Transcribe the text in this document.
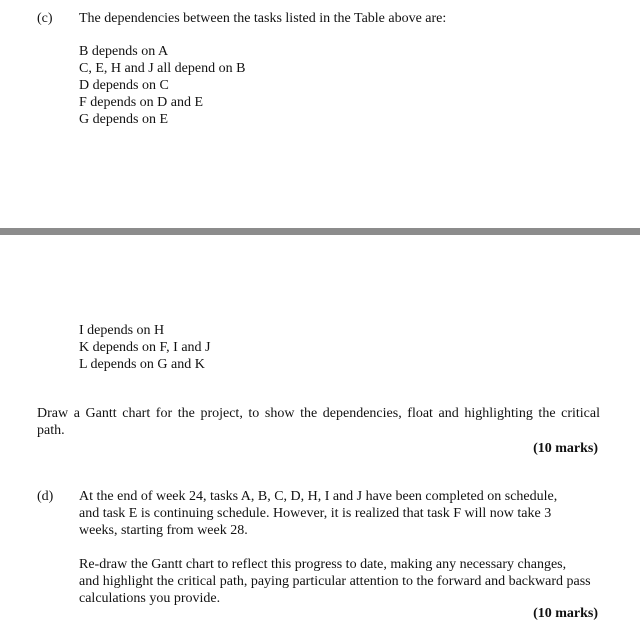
(c) The dependencies between the tasks listed in the Table above are:
B depends on A
C, E, H and J all depend on B
D depends on C
F depends on D and E
G depends on E
I depends on H
K depends on F, I and J
L depends on G and K
Draw a Gantt chart for the project, to show the dependencies, float and highlighting the critical
path.
(10 marks)
(d) At the end of week 24, tasks A, B, C, D, H, I and J have been completed on schedule,
and task E is continuing schedule. However, it is realized that task F will now take 3
weeks, starting from week 28.
Re-draw the Gantt chart to reflect this progress to date, making any necessary changes,
and highlight the critical path, paying particular attention to the forward and backward pass
calculations you provide.
(10 marks)
